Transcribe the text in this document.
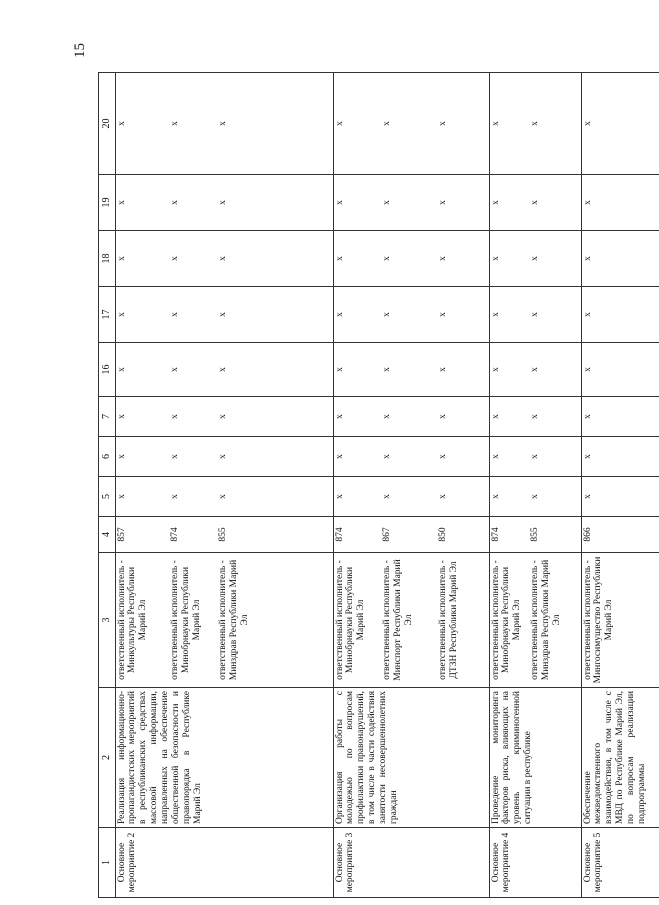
15
1	2	3	4	5	6	7	16	17	18	19	20
Основное мероприятие 2	Реализация информационно-пропагандистских мероприятий в республиканских средствах массовой информации, направленных на обеспечение общественной безопасности и правопорядка в Республике Марий Эл	ответственный исполнитель - Минкультуры Республики Марий Эл	857	x	x	x	x	x	x	x	x
		ответственный исполнитель - Минобрнауки Республики Марий Эл	874	x	x	x	x	x	x	x	x
		ответственный исполнитель - Минздрав Республики Марий Эл	855	x	x	x	x	x	x	x	x
Основное мероприятие 3	Организация работы с молодежью по вопросам профилактики правонарушений, в том числе в части содействия занятости несовершеннолетних граждан	ответственный исполнитель - Минобрнауки Республики Марий Эл	874	x	x	x	x	x	x	x	x
		ответственный исполнитель - Минспорт Республики Марий Эл	867	x	x	x	x	x	x	x	x
		ответственный исполнитель - ДТЗН Республики Марий Эл	850	x	x	x	x	x	x	x	x
Основное мероприятие 4	Проведение мониторинга факторов риска, влияющих на уровень криминогенной ситуации в республике	ответственный исполнитель - Минобрнауки Республики Марий Эл	874	x	x	x	x	x	x	x	x
		ответственный исполнитель - Минздрав Республики Марий Эл	855	x	x	x	x	x	x	x	x
Основное мероприятие 5	Обеспечение межведомственного взаимодействия, в том числе с МВД по Республике Марий Эл, по вопросам реализации подпрограммы	ответственный исполнитель - Мингосимущество Республики Марий Эл	866	x	x	x	x	x	x	x	x
